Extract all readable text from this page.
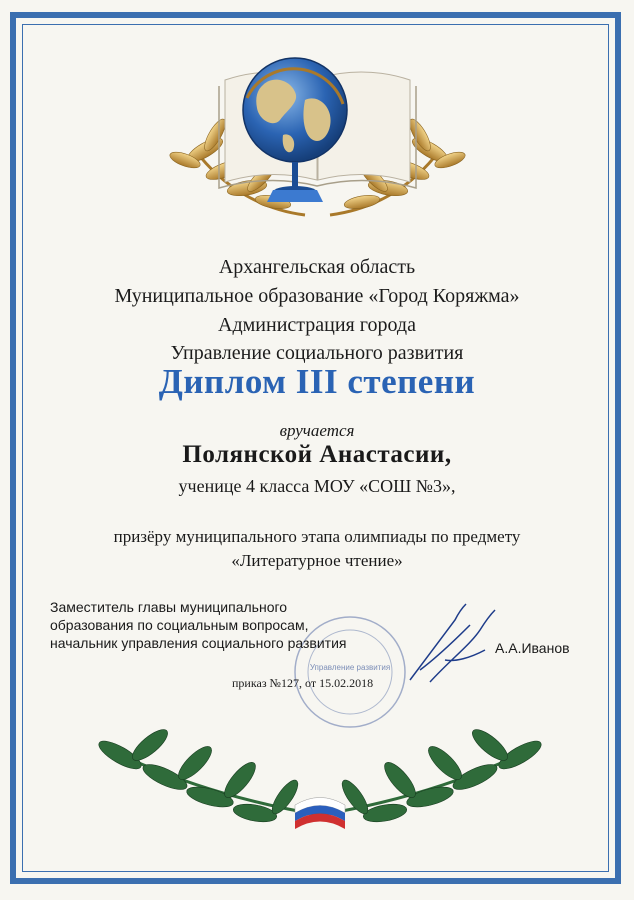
Архангельская область
Муниципальное образование «Город Коряжма»
Администрация города
Управление социального развития
Диплом III степени
вручается
Полянской Анастасии,
ученице 4 класса МОУ «СОШ №3»,
призёру муниципального этапа олимпиады по предмету
«Литературное чтение»
Управление развития
Заместитель главы муниципального
образования по социальным вопросам,
начальник управления социального развития	А.А.Иванов
приказ №127, от 15.02.2018
